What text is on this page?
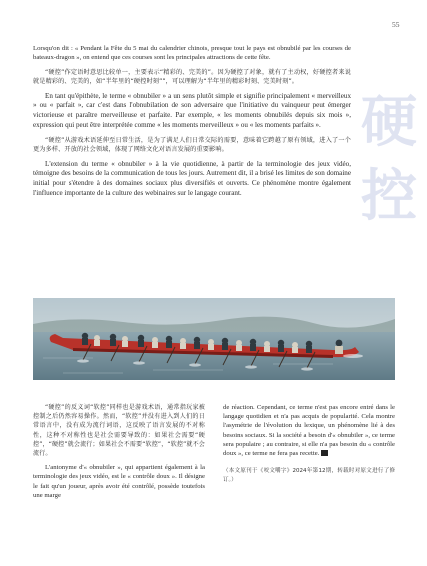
55
硬
控

Lorsqu'on dit : « Pendant la Fête du 5 mai du calendrier chinois, presque tout le pays est obnubilé par les courses de bateaux-dragon », on entend que ces courses sont les principales attractions de cette fête.

“硬控”作定语时意思比较单一，主要表示“精彩的、完美的”。因为硬控了对象，就有了主动权，好硬控者来说就是精彩的、完美的，如“半年里的“硬控时刻””，可以理解为“半年里的精彩时刻、完美时刻”。

En tant qu'épithète, le terme « obnubiler » a un sens plutôt simple et signifie principalement « merveilleux » ou « parfait », car c'est dans l'obnubilation de son adversaire que l'initiative du vainqueur peut émerger victorieuse et paraître merveilleuse et parfaite. Par exemple, « les moments obnubilés depuis six mois », expression qui peut être interprétée comme « les moments merveilleux » ou « les moments parfaits ».

“硬控”从游戏术语延伸至日常生活，是为了满足人们日常交际的需要，意味着它跨越了原有领域，进入了一个更为多样、开放的社会领域，体现了网络文化对语言发展的重要影响。

L'extension du terme « obnubiler » à la vie quotidienne, à partir de la terminologie des jeux vidéo, témoigne des besoins de la communication de tous les jours. Autrement dit, il a brisé les limites de son domaine initial pour s'étendre à des domaines sociaux plus diversifiés et ouverts. Ce phénomène montre également l'influence importante de la culture des webinaires sur le langage courant.

“硬控”的反义词“软控”同样也是游戏术语，通常指玩家被控制之后仍然容易操作。然而，“软控”并没有进入到人们的日常语言中，没有成为流行词语，这反映了语言发展的不对称性，这种不对称性也是社会需要导致的：如果社会需要“硬控”，“硬控”就会流行；如果社会不需要“软控”，“软控”就不会流行。

L'antonyme d'« obnubiler », qui appartient également à la terminologie des jeux vidéo, est le « contrôle doux ». Il désigne le fait qu'un joueur, après avoir été contrôlé, possède toutefois une marge

de réaction. Cependant, ce terme n'est pas encore entré dans le langage quotidien et n'a pas acquis de popularité. Cela montre l'asymétrie de l'évolution du lexique, un phénomène lié à des besoins sociaux. Si la société a besoin d'« obnubiler », ce terme sera populaire ; au contraire, si elle n'a pas besoin du « contrôle doux », ce terme ne fera pas recette.

（本文原刊于《咬文嚼字》2024年第12期，转载时对原文进行了修订。）
